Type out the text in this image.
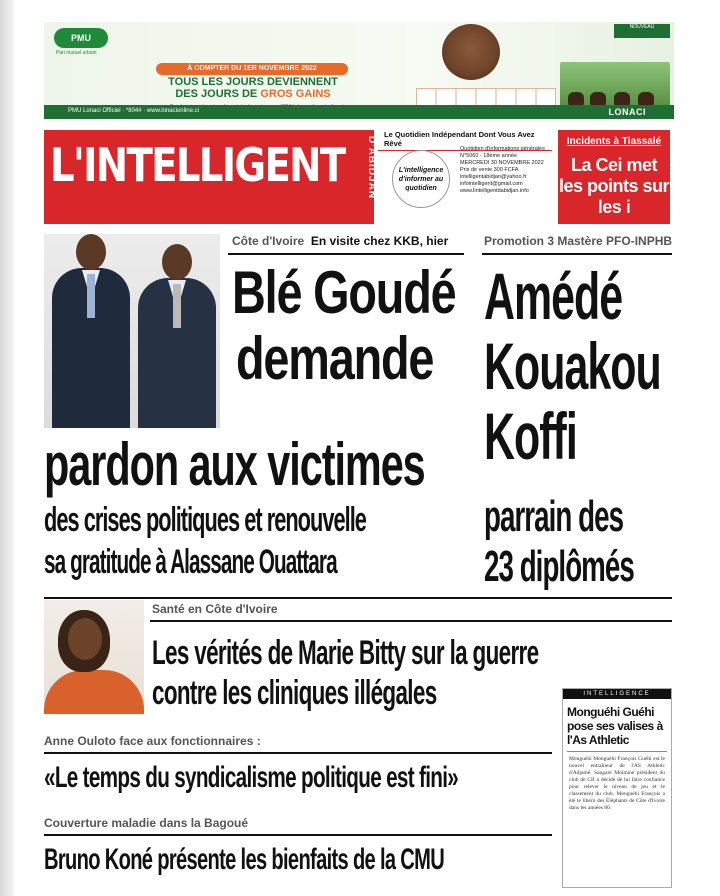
PMU
Pari mutuel urbain
À COMPTER DU 1ER NOVEMBRE 2022
TOUS LES JOURS DEVIENNENT
DES JOURS DE GROS GAINS
NOUVEAU
PMU Lonaci Officiel · *804# · www.lonacionline.ci	LONACI
L'INTELLIGENT D'ABIDJAN
Le Quotidien Indépendant Dont Vous Avez Rêvé
L'intelligence d'informer au quotidien
Quotidien d'informations générales
N°5060 - 18ème année
MERCREDI 30 NOVEMBRE 2022
Prix de vente 300 FCFA
intelligentabidjan@yahoo.fr
infointelligent@gmail.com
www.lintelligentdabidjan.info
Incidents à Tiassalé
La Cei met les points sur les i
Côte d'Ivoire En visite chez KKB, hier
Blé Goudé
demande
pardon aux victimes
des crises politiques et renouvelle
sa gratitude à Alassane Ouattara
Promotion 3 Mastère PFO-INPHB
Amédé
Kouakou
Koffi
parrain des
23 diplômés
Santé en Côte d'Ivoire
Les vérités de Marie Bitty sur la guerre
contre les cliniques illégales
Anne Ouloto face aux fonctionnaires :
«Le temps du syndicalisme politique est fini»
Couverture maladie dans la Bagoué
Bruno Koné présente les bienfaits de la CMU
INTELLIGENCE
Monguéhi Guéhi pose ses valises à l'As Athletic
Monguéhi Monguéhi François Guéhi est le nouvel entraîneur de l'AS Athletic d'Adjamé. Sangaré Moïmine président du club de CII a décidé de lui faire confiance pour relever le niveau de jeu et le classement du club. Monguéhi François a été le libéro des Éléphants de Côte d'Ivoire dans les années 80.
